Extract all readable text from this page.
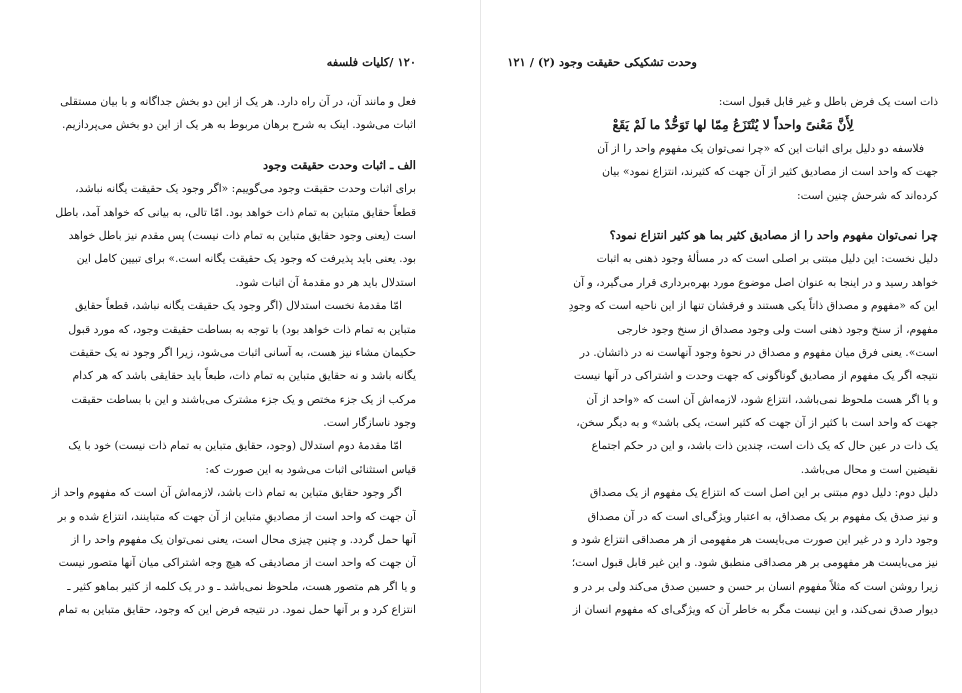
١٢٠ /کلیات فلسفه
فعل و مانند آن، در آن راه دارد. هر یک از این دو بخش جداگانه و با بیان مستقلی
اثبات می‌شود. اینک به شرح برهان مربوط به هر یک از این دو بخش می‌پردازیم.
الف ـ اثبات وحدت حقیقت وجود
برای اثبات وحدت حقیقت وجود می‌گوییم: «اگر وجود یک حقیقت یگانه نباشد،
قطعاً حقایق متباین به تمام ذات خواهد بود. امّا تالی، به بیانی که خواهد آمد، باطل
است (یعنی وجود حقایق متباین به تمام ذات نیست) پس مقدم نیز باطل خواهد
بود. یعنی باید پذیرفت که وجود یک حقیقت یگانه است.» برای تبیین کامل این
استدلال باید هر دو مقدمهٔ آن اثبات شود.
امّا مقدمهٔ نخست استدلال (اگر وجود یک حقیقت یگانه نباشد، قطعاً حقایق
متباین به تمام ذات خواهد بود) با توجه به بساطت حقیقت وجود، که مورد قبول
حکیمان مشاء نیز هست، به آسانی اثبات می‌شود، زیرا اگر وجود نه یک حقیقت
یگانه باشد و نه حقایق متباین به تمام ذات، طبعاً باید حقایقی باشد که هر کدام
مرکب از یک جزء مختص و یک جزء مشترک می‌باشند و این با بساطت حقیقت
وجود ناسازگار است.
امّا مقدمهٔ دوم استدلال (وجود، حقایق متباین به تمام ذات نیست) خود با یک
قیاس استثنائی اثبات می‌شود به این صورت که:
اگر وجود حقایق متباین به تمام ذات باشد، لازمه‌اش آن است که مفهوم واحد از
آن جهت که واحد است از مصادیقِ متباین از آن جهت که متباینند، انتزاع شده و بر
آنها حمل گردد. و چنین چیزی محال است، یعنی نمی‌توان یک مفهوم واحد را از
آن جهت که واحد است از مصادیقی که هیچ وجه اشتراکی میان آنها متصور نیست
و یا اگر هم متصور هست، ملحوظ نمی‌باشد ـ و در یک کلمه از کثیر بماهو کثیر ـ
انتزاع کرد و بر آنها حمل نمود. در نتیجه فرض این که وجود، حقایق متباین به تمام
وحدت تشکیکی حقیقت وجود (۲) / ١٢١
ذات است یک فرض باطل و غیر قابل قبول است:
لِأَنَّ مَعْنىً واحداً لا یُنْتَزَعُ مِمّا لها تَوَحُّدٌ ما لَمْ یَقَعْ
فلاسفه دو دلیل برای اثبات این که «چرا نمی‌توان یک مفهوم واحد را از آن
جهت که واحد است از مصادیق کثیر از آن جهت که کثیرند، انتزاع نمود» بیان
کرده‌اند که شرحش چنین است:
چرا نمی‌توان مفهوم واحد را از مصادیق کثیر بما هو کثیر انتزاع نمود؟
دلیل نخست: این دلیل مبتنی بر اصلی است که در مسألهٔ وجود ذهنی به اثبات
خواهد رسید و در اینجا به عنوان اصل موضوع مورد بهره‌برداری قرار می‌گیرد، و آن
این که «مفهوم و مصداق ذاتاً یکی هستند و فرقشان تنها از این ناحیه است که وجودِ
مفهوم، از سنخ وجود ذهنی است ولی وجود مصداق از سنخ وجود خارجی
است». یعنی فرق میان مفهوم و مصداق در نحوهٔ وجود آنهاست نه در ذاتشان. در
نتیجه اگر یک مفهوم از مصادیق گوناگونی که جهت وحدت و اشتراکی در آنها نیست
و یا اگر هست ملحوظ نمی‌باشد، انتزاع شود، لازمه‌اش آن است که «واحد از آن
جهت که واحد است با کثیر از آن جهت که کثیر است، یکی باشد» و به دیگر سخن،
یک ذات در عین حال که یک ذات است، چندین ذات باشد، و این در حکم اجتماع
نقیضین است و محال می‌باشد.
دلیل دوم: دلیل دوم مبتنی بر این اصل است که انتزاع یک مفهوم از یک مصداق
و نیز صدق یک مفهوم بر یک مصداق، به اعتبار ویژگی‌ای است که در آن مصداق
وجود دارد و در غیر این صورت می‌بایست هر مفهومی از هر مصداقی انتزاع شود و
نیز می‌بایست هر مفهومی بر هر مصداقی منطبق شود. و این غیر قابل قبول است؛
زیرا روشن است که مثلاً مفهوم انسان بر حسن و حسین صدق می‌کند ولی بر در و
دیوار صدق نمی‌کند، و این نیست مگر به خاطر آن که ویژگی‌ای که مفهوم انسان از
